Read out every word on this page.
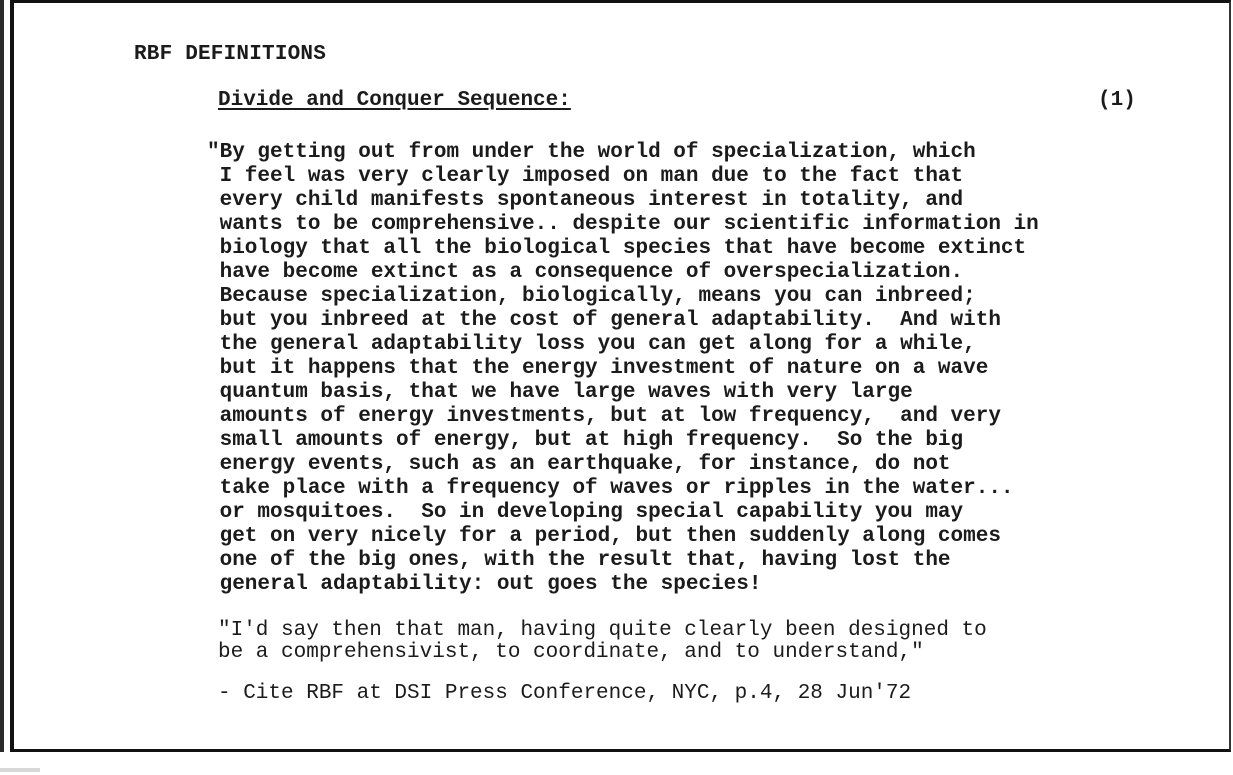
RBF DEFINITIONS
Divide and Conquer Sequence:	(1)
"By getting out from under the world of specialization, which
I feel was very clearly imposed on man due to the fact that
every child manifests spontaneous interest in totality, and
wants to be comprehensive.. despite our scientific information in
biology that all the biological species that have become extinct
have become extinct as a consequence of overspecialization.
Because specialization, biologically, means you can inbreed;
but you inbreed at the cost of general adaptability.  And with
the general adaptability loss you can get along for a while,
but it happens that the energy investment of nature on a wave
quantum basis, that we have large waves with very large
amounts of energy investments, but at low frequency,  and very
small amounts of energy, but at high frequency.  So the big
energy events, such as an earthquake, for instance, do not
take place with a frequency of waves or ripples in the water...
or mosquitoes.  So in developing special capability you may
get on very nicely for a period, but then suddenly along comes
one of the big ones, with the result that, having lost the
general adaptability: out goes the species!
"I'd say then that man, having quite clearly been designed to
be a comprehensivist, to coordinate, and to understand,"
- Cite RBF at DSI Press Conference, NYC, p.4, 28 Jun'72
